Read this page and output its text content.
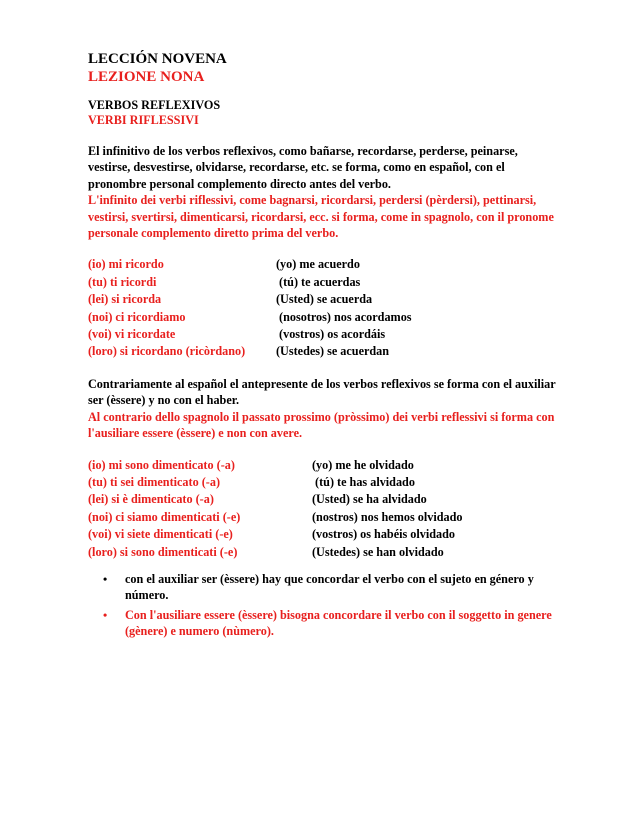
LECCIÓN NOVENA

LEZIONE NONA

VERBOS REFLEXIVOS

VERBI RIFLESSIVI

El infinitivo de los verbos reflexivos, como bañarse, recordarse, perderse, peinarse, vestirse, desvestirse, olvidarse, recordarse, etc. se forma, como en español, con el pronombre personal complemento directo antes del verbo.

L'infinito dei verbi riflessivi, come bagnarsi, ricordarsi, perdersi (pèrdersi), pettinarsi, vestirsi, svertirsi, dimenticarsi, ricordarsi, ecc. si forma, come in spagnolo, con il pronome personale complemento diretto prima del verbo.

(io) mi ricordo	(yo) me acuerdo
(tu) ti ricordi	(tú) te acuerdas
(lei) si ricorda	(Usted) se acuerda
(noi) ci ricordiamo	(nosotros) nos acordamos
(voi) vi ricordate	(vostros) os acordáis
(loro) si ricordano (ricòrdano)	(Ustedes) se acuerdan

Contrariamente al español el antepresente de los verbos reflexivos se forma con el auxiliar ser (èssere) y no con el haber.

Al contrario dello spagnolo il passato prossimo (pròssimo) dei verbi reflessivi si forma con l'ausiliare essere (èssere) e non con avere.

(io) mi sono dimenticato (-a)	(yo) me he olvidado
(tu) ti sei dimenticato (-a)	(tú) te has alvidado
(lei) si è dimenticato (-a)	(Usted) se ha alvidado
(noi) ci siamo dimenticati (-e)	(nostros) nos hemos olvidado
(voi) vi siete dimenticati (-e)	(vostros) os habéis olvidado
(loro) si sono dimenticati (-e)	(Ustedes) se han olvidado
• con el auxiliar ser (èssere) hay que concordar el verbo con el sujeto en género y número.
• Con l'ausiliare essere (èssere) bisogna concordare il verbo con il soggetto in genere (gènere) e numero (nùmero).
